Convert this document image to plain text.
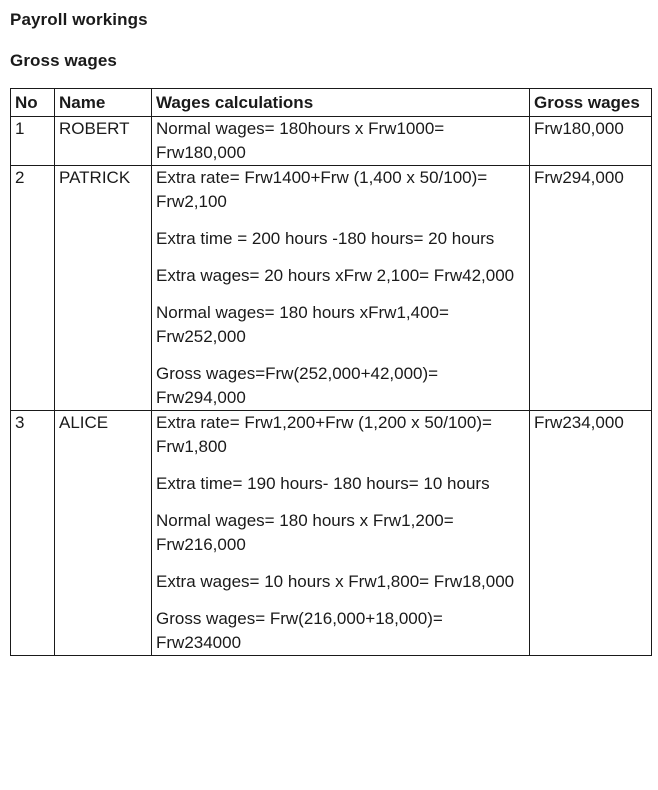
Payroll workings
Gross wages
No	Name	Wages calculations	Gross wages
1	ROBERT	Normal wages= 180hours x Frw1000= Frw180,000	Frw180,000
2	PATRICK	Extra rate= Frw1400+Frw (1,400 x 50/100)= Frw2,100
Extra time = 200 hours -180 hours= 20 hours
Extra wages= 20 hours xFrw 2,100= Frw42,000
Normal wages= 180 hours xFrw1,400= Frw252,000
Gross wages=Frw(252,000+42,000)= Frw294,000	Frw294,000
3	ALICE	Extra rate= Frw1,200+Frw (1,200 x 50/100)= Frw1,800
Extra time= 190 hours- 180 hours= 10 hours
Normal wages= 180 hours x Frw1,200= Frw216,000
Extra wages= 10 hours x Frw1,800= Frw18,000
Gross wages= Frw(216,000+18,000)= Frw234000	Frw234,000
